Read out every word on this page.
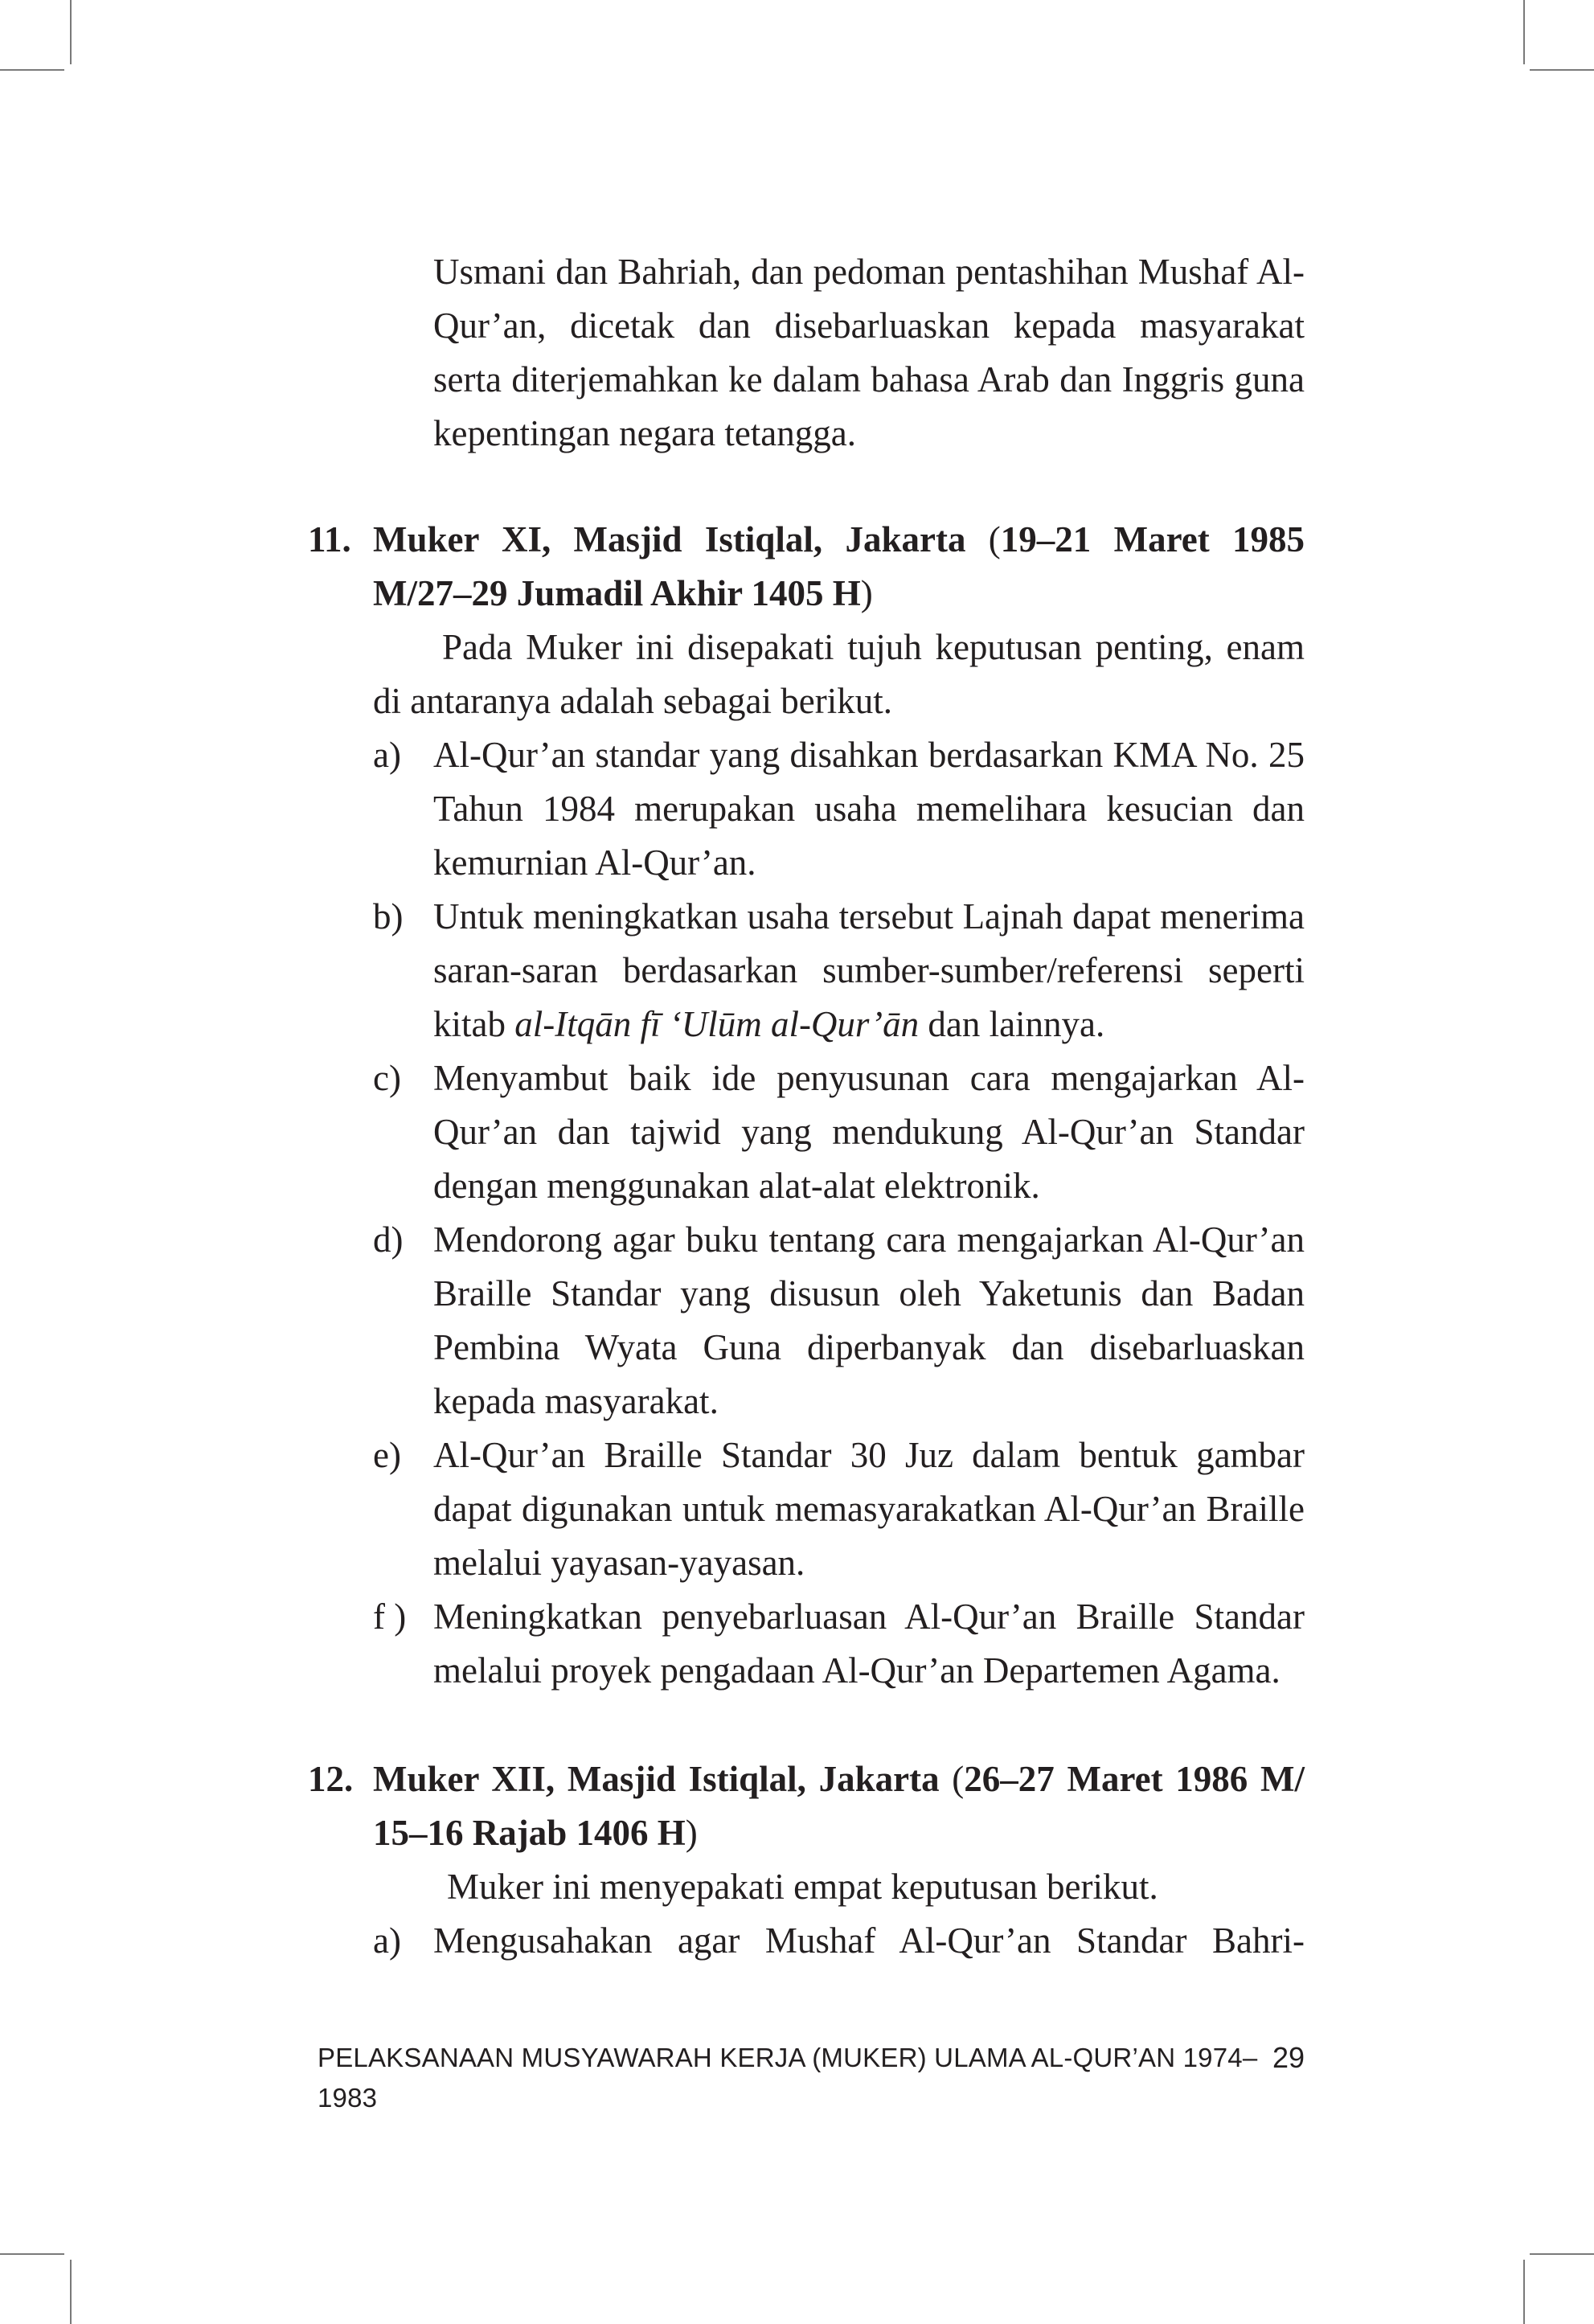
Usmani dan Bahriah, dan pedoman pentashihan Mushaf Al-Qur’an, dicetak dan disebarluaskan kepada masyarakat serta diterjemahkan ke dalam bahasa Arab dan Inggris guna kepentingan negara tetangga.
11. Muker XI, Masjid Istiqlal, Jakarta (19–21 Maret 1985 M/27–29 Jumadil Akhir 1405 H)
Pada Muker ini disepakati tujuh keputusan penting, enam di antaranya adalah sebagai berikut.
a) Al-Qur’an standar yang disahkan berdasarkan KMA No. 25 Tahun 1984 merupakan usaha memelihara kesucian dan kemurnian Al-Qur’an.
b) Untuk meningkatkan usaha tersebut Lajnah dapat menerima saran-saran berdasarkan sumber-sumber/referensi seperti kitab al-Itqān fī ‘Ulūm al-Qur’ān dan lainnya.
c) Menyambut baik ide penyusunan cara mengajarkan Al-Qur’an dan tajwid yang mendukung Al-Qur’an Standar dengan menggunakan alat-alat elektronik.
d) Mendorong agar buku tentang cara mengajarkan Al-Qur’an Braille Standar yang disusun oleh Yaketunis dan Badan Pembina Wyata Guna diperbanyak dan disebarluaskan kepada masyarakat.
e) Al-Qur’an Braille Standar 30 Juz dalam bentuk gambar dapat digunakan untuk memasyarakatkan Al-Qur’an Braille melalui yayasan-yayasan.
f ) Meningkatkan penyebarluasan Al-Qur’an Braille Standar melalui proyek pengadaan Al-Qur’an Departemen Agama.
12. Muker XII, Masjid Istiqlal, Jakarta (26–27 Maret 1986 M/ 15–16 Rajab 1406 H)
Muker ini menyepakati empat keputusan berikut.
a) Mengusahakan agar Mushaf Al-Qur’an Standar Bahri-
PELAKSANAAN MUSYAWARAH KERJA (MUKER) ULAMA AL-QUR’AN 1974–1983
29
